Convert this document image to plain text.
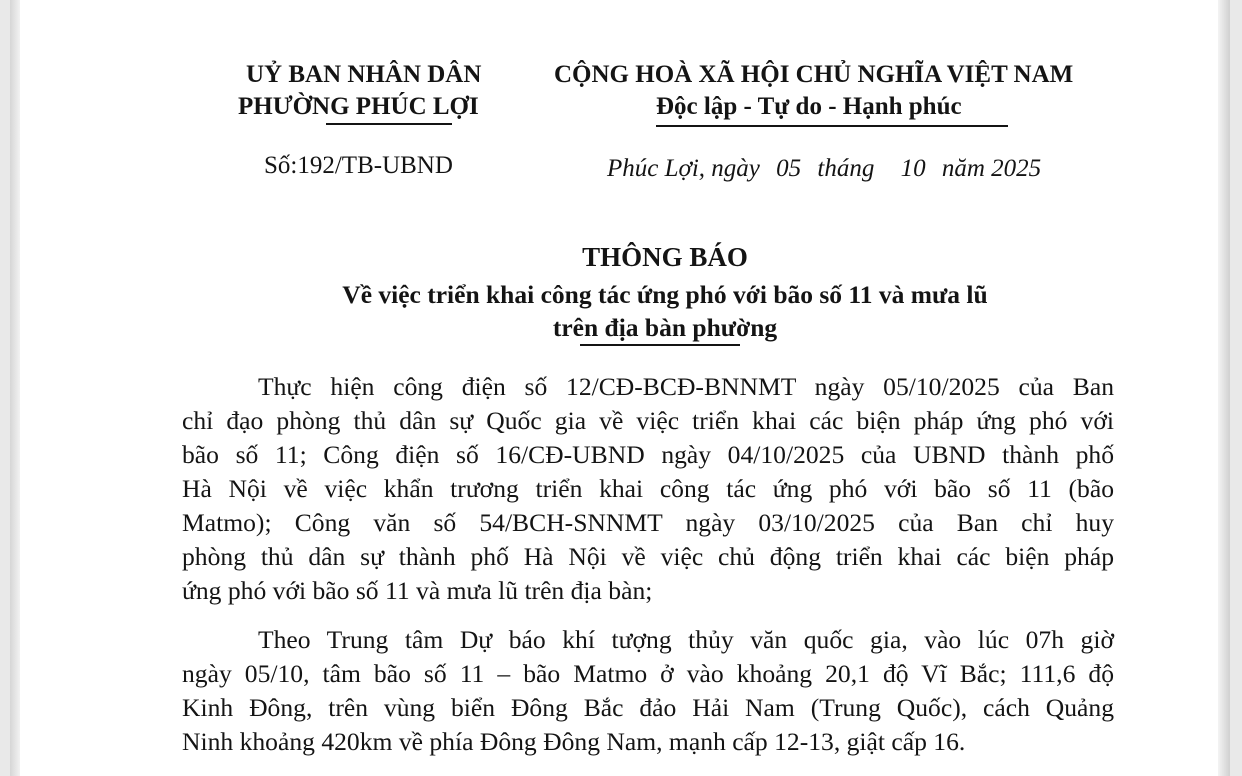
UỶ BAN NHÂN DÂN
PHƯỜNG PHÚC LỢI
CỘNG HOÀ XÃ HỘI CHỦ NGHĨA VIỆT NAM
Độc lập - Tự do - Hạnh phúc
Số:192/TB-UBND	Phúc Lợi, ngày 05 tháng 10 năm 2025
THÔNG BÁO
Về việc triển khai công tác ứng phó với bão số 11 và mưa lũ
trên địa bàn phường
Thực hiện công điện số 12/CĐ-BCĐ-BNNMT ngày 05/10/2025 của Ban
chỉ đạo phòng thủ dân sự Quốc gia về việc triển khai các biện pháp ứng phó với
bão số 11; Công điện số 16/CĐ-UBND ngày 04/10/2025 của UBND thành phố
Hà Nội về việc khẩn trương triển khai công tác ứng phó với bão số 11 (bão
Matmo); Công văn số 54/BCH-SNNMT ngày 03/10/2025 của Ban chỉ huy
phòng thủ dân sự thành phố Hà Nội về việc chủ động triển khai các biện pháp
ứng phó với bão số 11 và mưa lũ trên địa bàn;
Theo Trung tâm Dự báo khí tượng thủy văn quốc gia, vào lúc 07h giờ
ngày 05/10, tâm bão số 11 – bão Matmo ở vào khoảng 20,1 độ Vĩ Bắc; 111,6 độ
Kinh Đông, trên vùng biển Đông Bắc đảo Hải Nam (Trung Quốc), cách Quảng
Ninh khoảng 420km về phía Đông Đông Nam, mạnh cấp 12-13, giật cấp 16.
